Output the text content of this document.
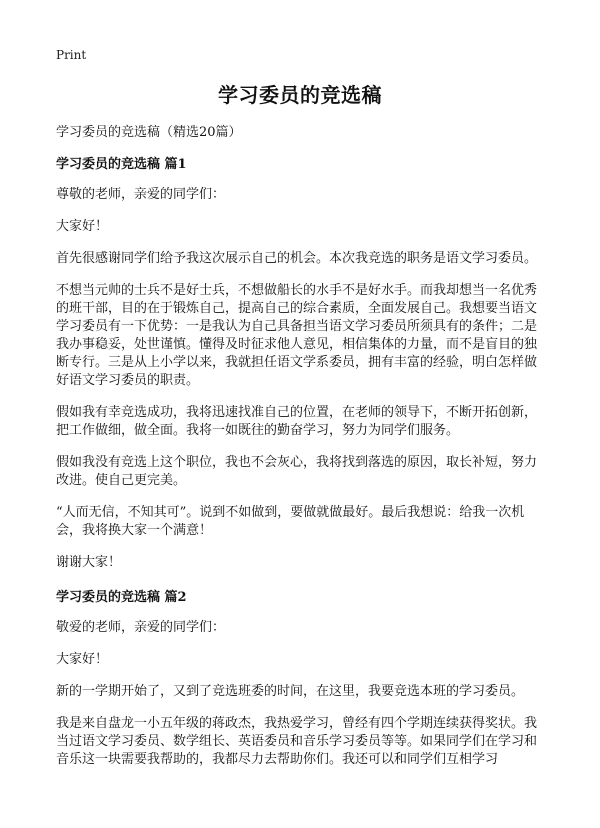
Print
学习委员的竞选稿
学习委员的竞选稿（精选20篇）
学习委员的竞选稿 篇1

尊敬的老师，亲爱的同学们：

大家好！

首先很感谢同学们给予我这次展示自己的机会。本次我竞选的职务是语文学习委员。

不想当元帅的士兵不是好士兵，不想做船长的水手不是好水手。而我却想当一名优秀的班干部，目的在于锻炼自己，提高自己的综合素质，全面发展自己。我想要当语文学习委员有一下优势：一是我认为自己具备担当语文学习委员所须具有的条件；二是我办事稳妥，处世谨慎。懂得及时征求他人意见，相信集体的力量，而不是盲目的独断专行。三是从上小学以来，我就担任语文学系委员，拥有丰富的经验，明白怎样做好语文学习委员的职责。

假如我有幸竞选成功，我将迅速找准自己的位置，在老师的领导下，不断开拓创新，把工作做细，做全面。我将一如既往的勤奋学习，努力为同学们服务。

假如我没有竞选上这个职位，我也不会灰心，我将找到落选的原因，取长补短，努力改进。使自己更完美。

“人而无信，不知其可”。说到不如做到，要做就做最好。最后我想说：给我一次机会，我将换大家一个满意！

谢谢大家！

学习委员的竞选稿 篇2

敬爱的老师，亲爱的同学们：

大家好！

新的一学期开始了，又到了竞选班委的时间，在这里，我要竞选本班的学习委员。

我是来自盘龙一小五年级的蒋政杰，我热爱学习，曾经有四个学期连续获得奖状。我当过语文学习委员、数学组长、英语委员和音乐学习委员等等。如果同学们在学习和音乐这一块需要我帮助的，我都尽力去帮助你们。我还可以和同学们互相学习
